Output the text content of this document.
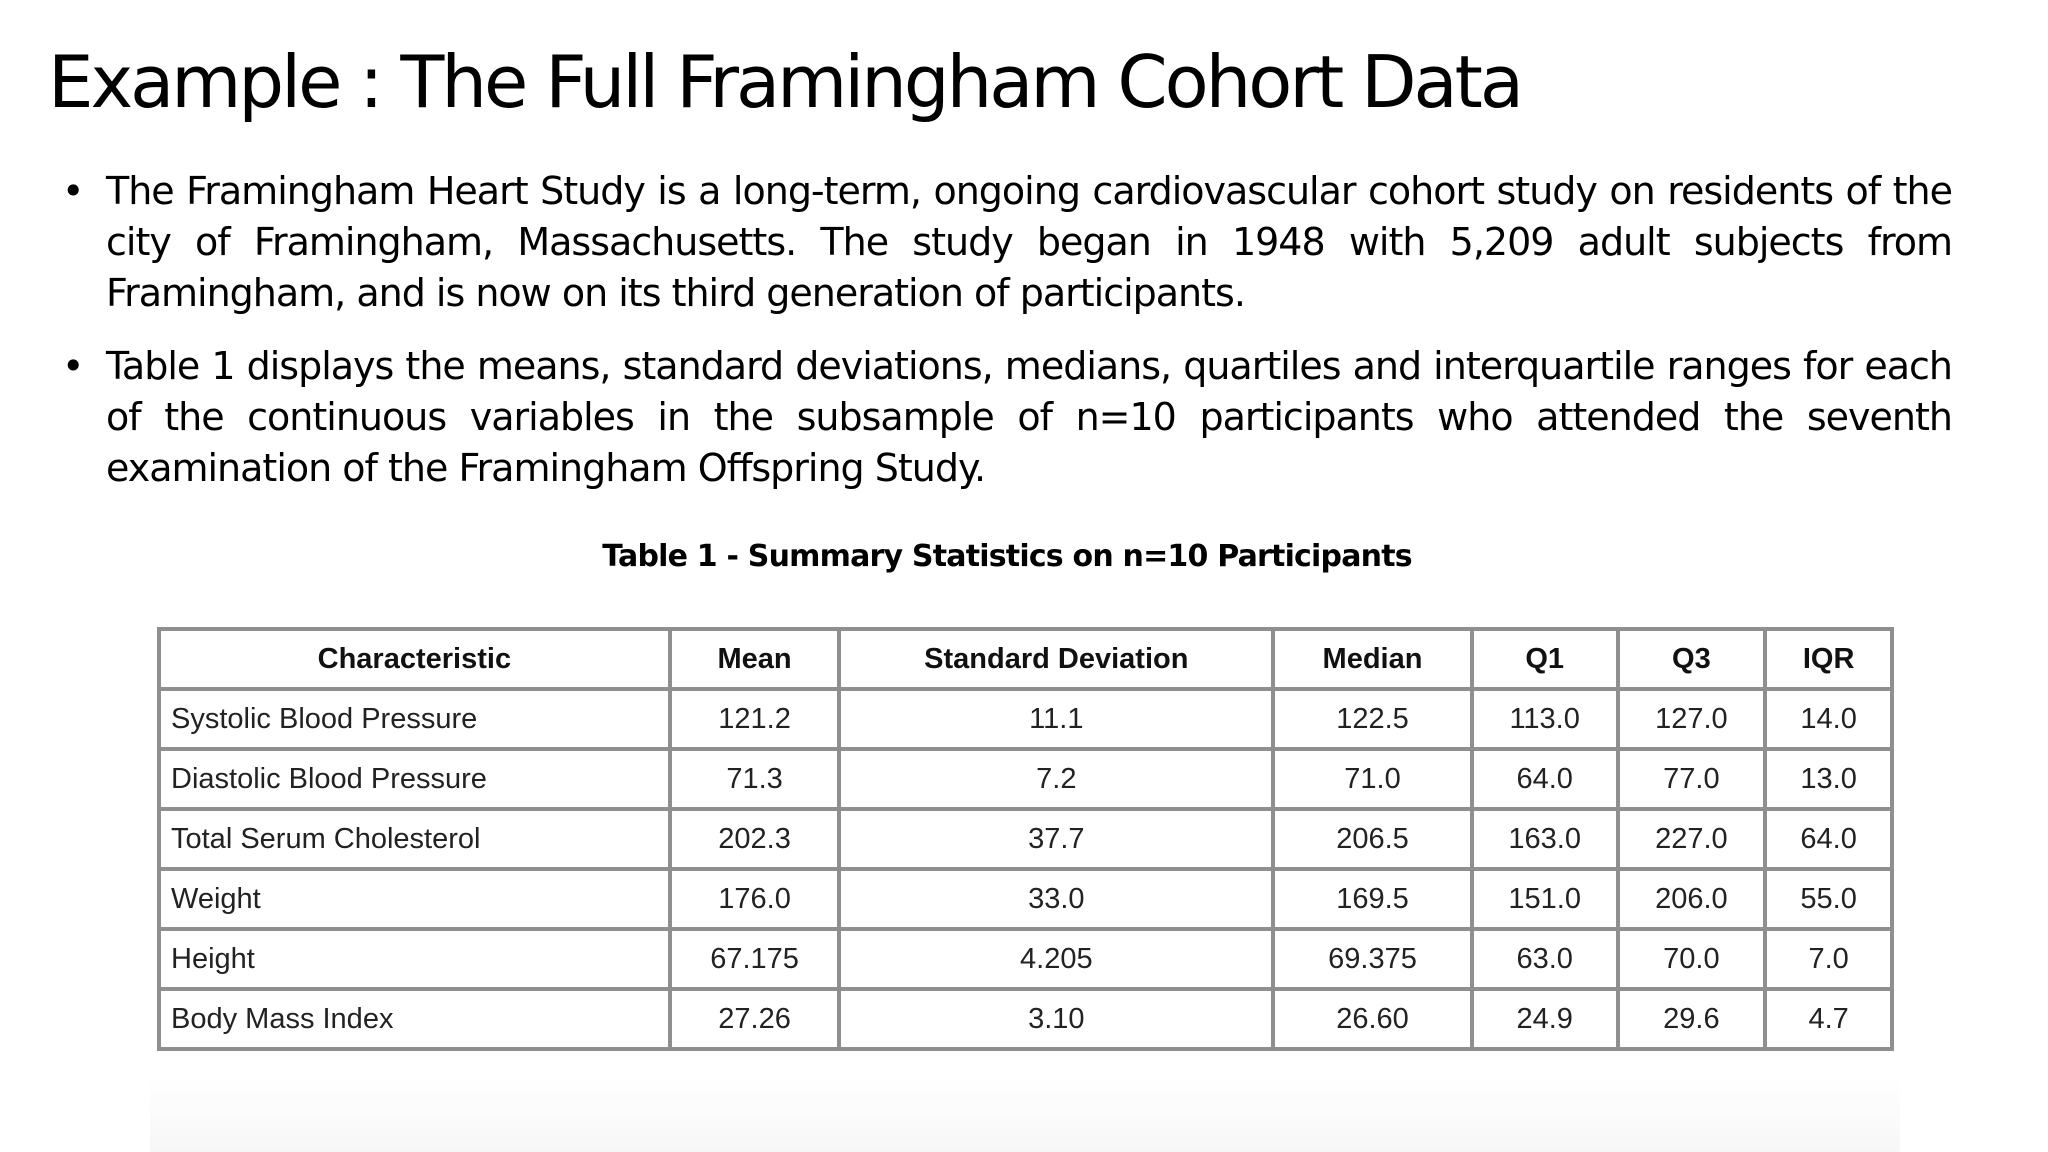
Example : The Full Framingham Cohort Data
• The Framingham Heart Study is a long-term, ongoing cardiovascular cohort study on residents of the city of Framingham, Massachusetts. The study began in 1948 with 5,209 adult subjects from Framingham, and is now on its third generation of participants.
• Table 1 displays the means, standard deviations, medians, quartiles and interquartile ranges for each of the continuous variables in the subsample of n=10 participants who attended the seventh examination of the Framingham Offspring Study.
Table 1 - Summary Statistics on n=10 Participants
Characteristic	Mean	Standard Deviation	Median	Q1	Q3	IQR
Systolic Blood Pressure	121.2	11.1	122.5	113.0	127.0	14.0
Diastolic Blood Pressure	71.3	7.2	71.0	64.0	77.0	13.0
Total Serum Cholesterol	202.3	37.7	206.5	163.0	227.0	64.0
Weight	176.0	33.0	169.5	151.0	206.0	55.0
Height	67.175	4.205	69.375	63.0	70.0	7.0
Body Mass Index	27.26	3.10	26.60	24.9	29.6	4.7
